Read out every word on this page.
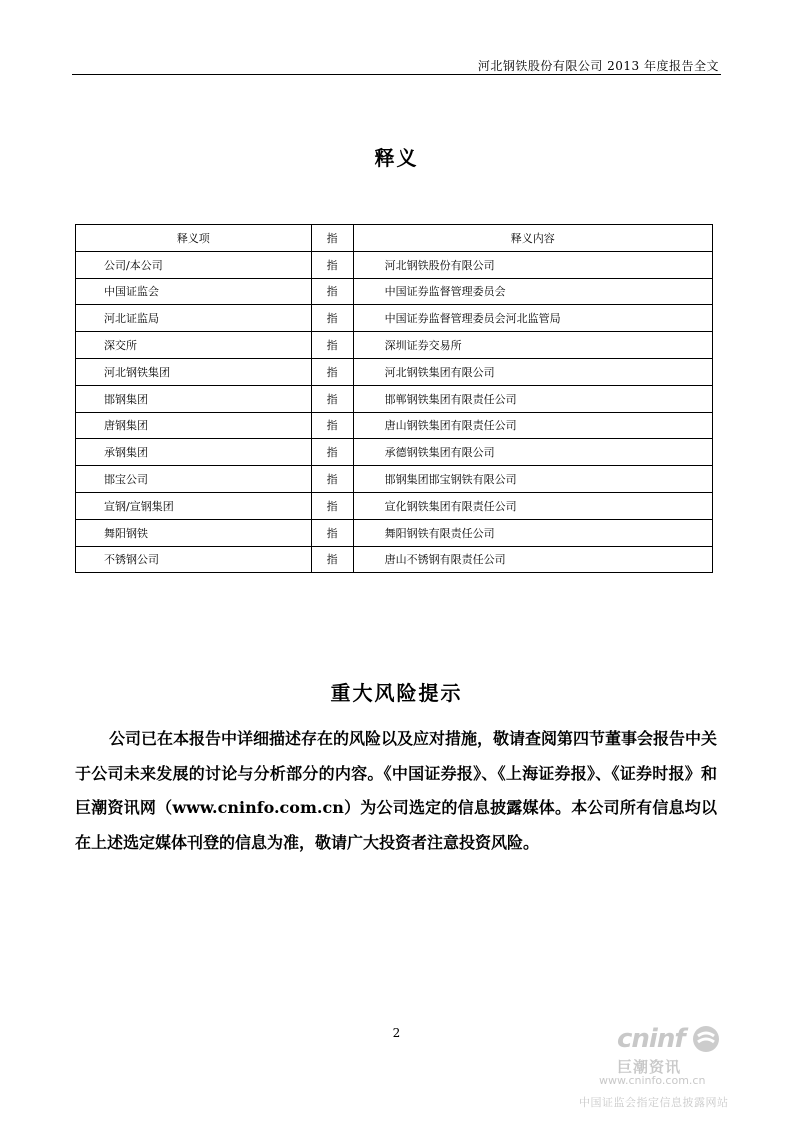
河北钢铁股份有限公司 2013 年度报告全文
释义
释义项	指	释义内容
公司/本公司	指	河北钢铁股份有限公司
中国证监会	指	中国证券监督管理委员会
河北证监局	指	中国证券监督管理委员会河北监管局
深交所	指	深圳证券交易所
河北钢铁集团	指	河北钢铁集团有限公司
邯钢集团	指	邯郸钢铁集团有限责任公司
唐钢集团	指	唐山钢铁集团有限责任公司
承钢集团	指	承德钢铁集团有限公司
邯宝公司	指	邯钢集团邯宝钢铁有限公司
宣钢/宣钢集团	指	宣化钢铁集团有限责任公司
舞阳钢铁	指	舞阳钢铁有限责任公司
不锈钢公司	指	唐山不锈钢有限责任公司
重大风险提示

公司已在本报告中详细描述存在的风险以及应对措施，敬请查阅第四节董事会报告中关于公司未来发展的讨论与分析部分的内容。《中国证券报》、《上海证券报》、《证券时报》和巨潮资讯网（www.cninfo.com.cn）为公司选定的信息披露媒体。本公司所有信息均以在上述选定媒体刊登的信息为准，敬请广大投资者注意投资风险。

2	cninf
巨潮资讯
www.cninfo.com.cn
中国证监会指定信息披露网站
